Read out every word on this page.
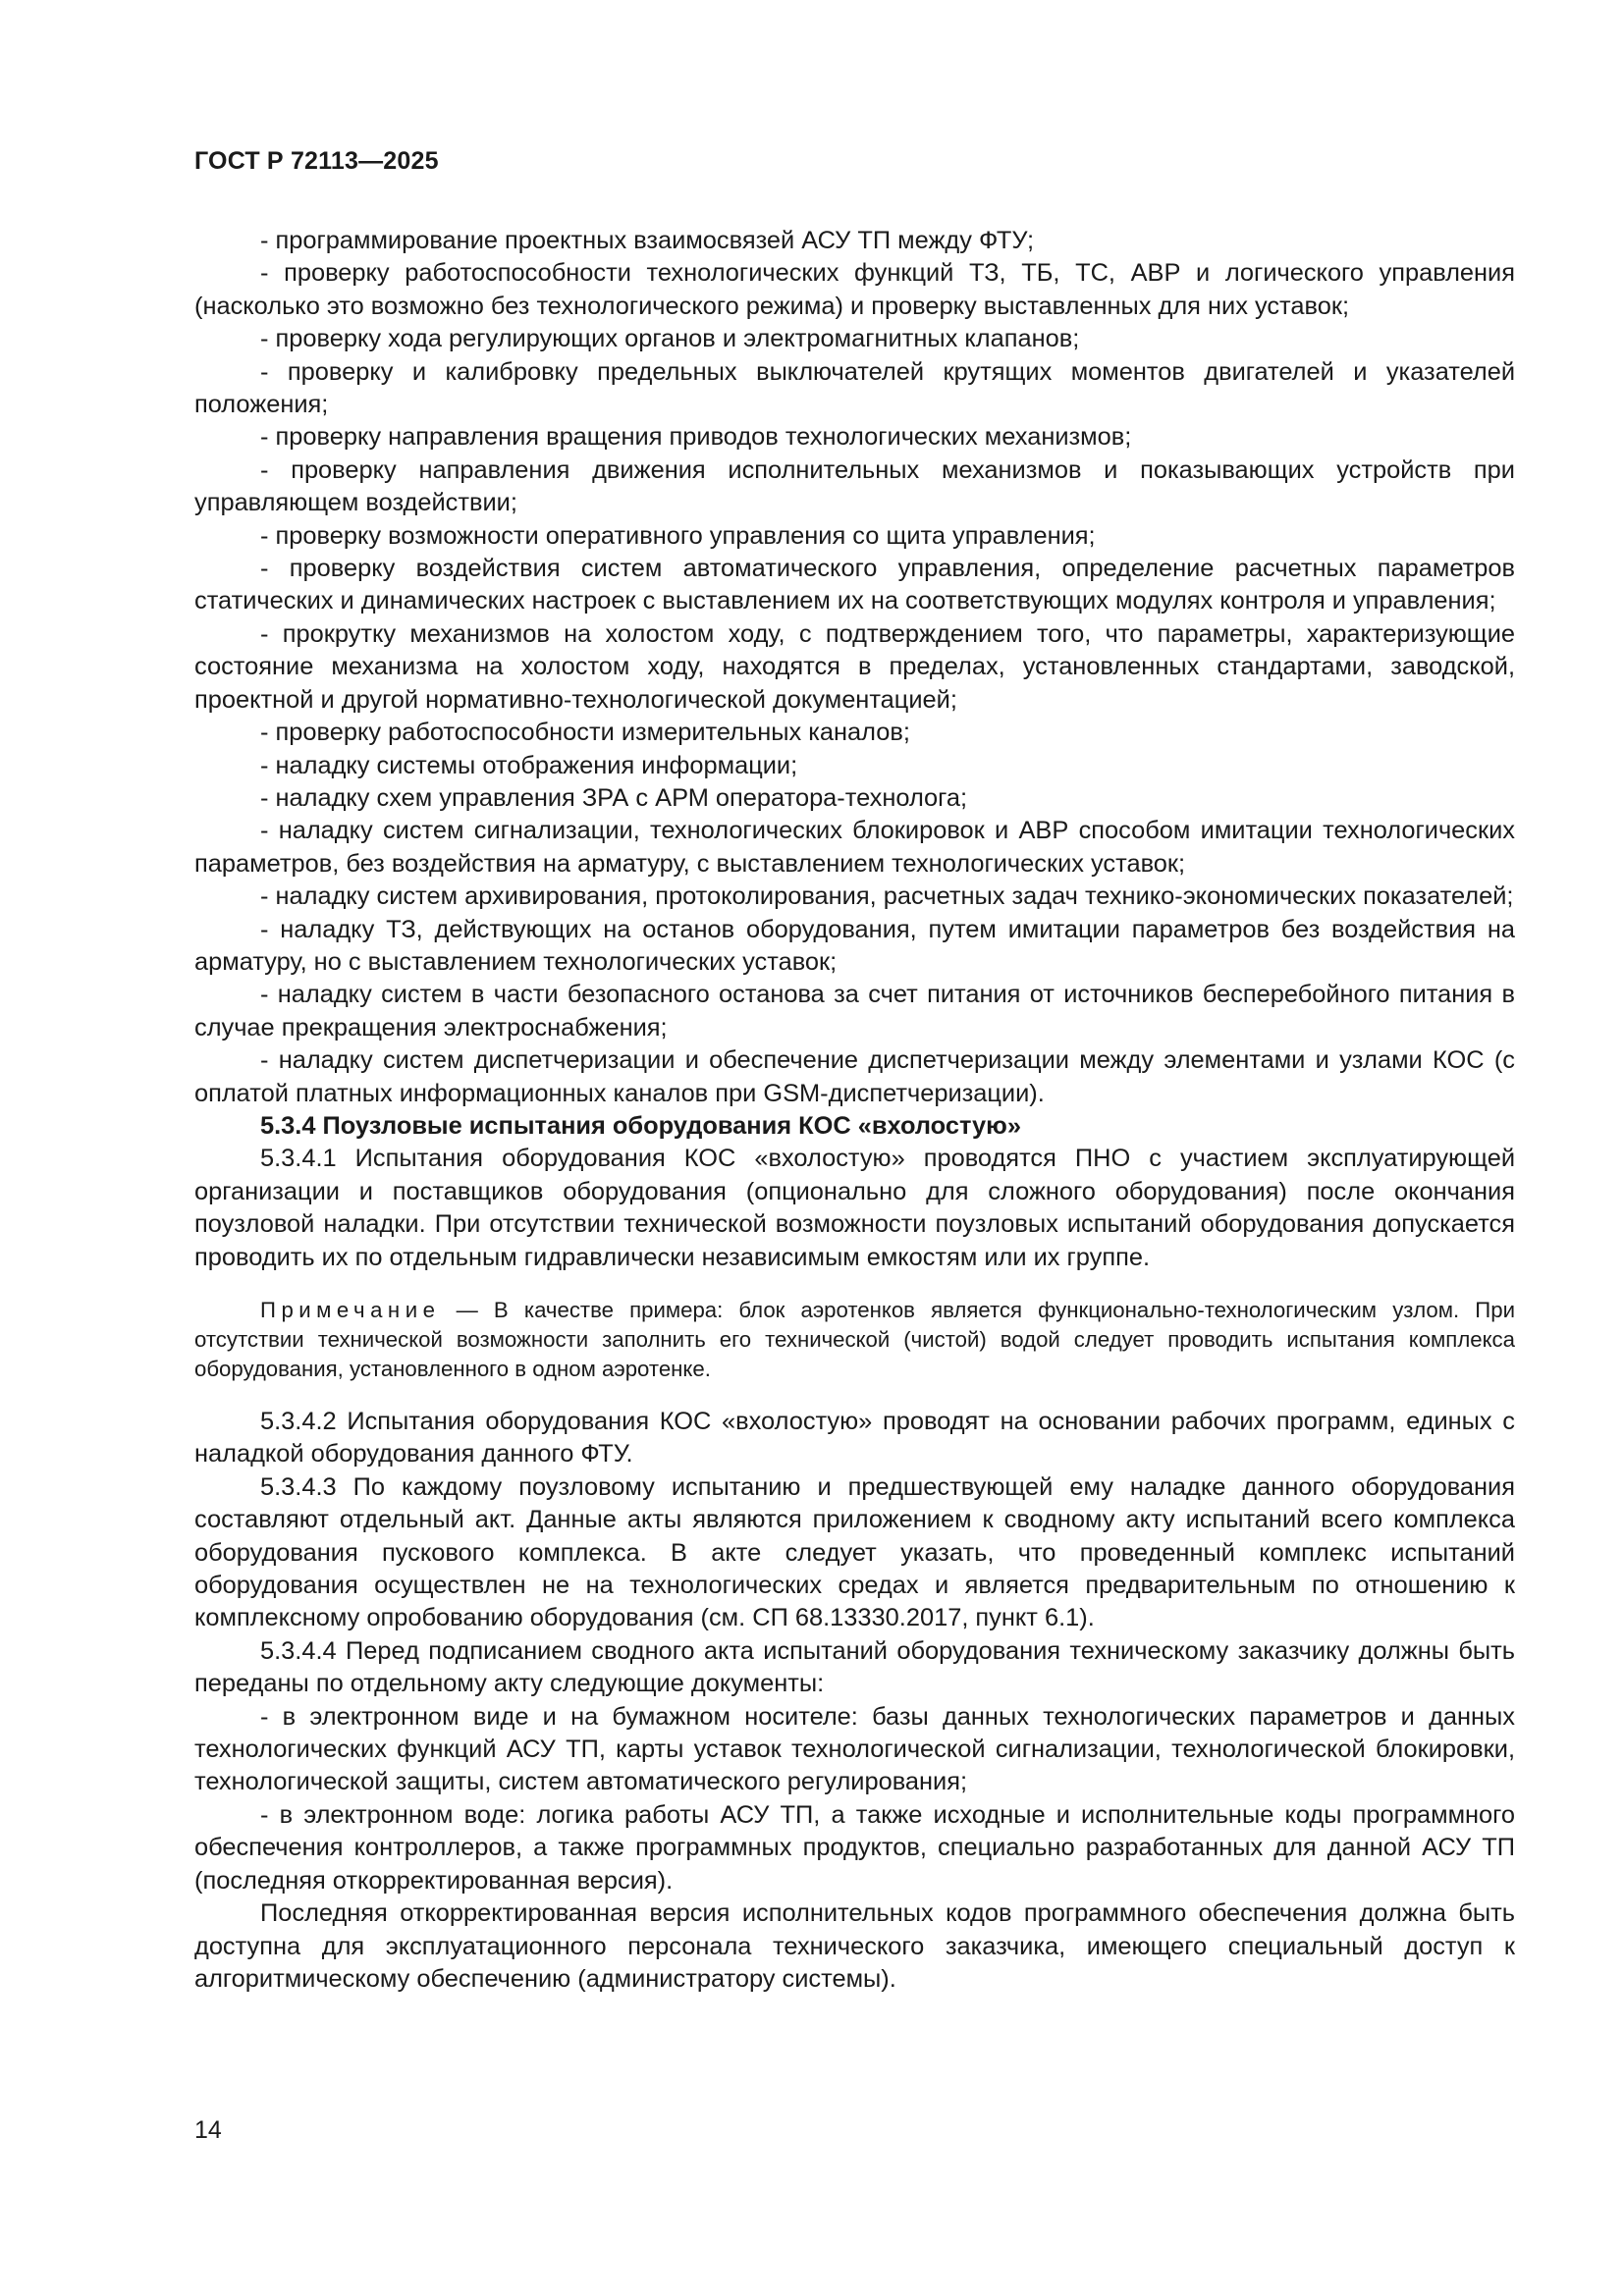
ГОСТ Р 72113—2025

- программирование проектных взаимосвязей АСУ ТП между ФТУ;

- проверку работоспособности технологических функций ТЗ, ТБ, ТС, АВР и логического управления (насколько это возможно без технологического режима) и проверку выставленных для них уставок;

- проверку хода регулирующих органов и электромагнитных клапанов;

- проверку и калибровку предельных выключателей крутящих моментов двигателей и указателей положения;

- проверку направления вращения приводов технологических механизмов;

- проверку направления движения исполнительных механизмов и показывающих устройств при управляющем воздействии;

- проверку возможности оперативного управления со щита управления;

- проверку воздействия систем автоматического управления, определение расчетных параметров статических и динамических настроек с выставлением их на соответствующих модулях контроля и управления;

- прокрутку механизмов на холостом ходу, с подтверждением того, что параметры, характеризующие состояние механизма на холостом ходу, находятся в пределах, установленных стандартами, заводской, проектной и другой нормативно-технологической документацией;

- проверку работоспособности измерительных каналов;

- наладку системы отображения информации;

- наладку схем управления ЗРА с АРМ оператора-технолога;

- наладку систем сигнализации, технологических блокировок и АВР способом имитации технологических параметров, без воздействия на арматуру, с выставлением технологических уставок;

- наладку систем архивирования, протоколирования, расчетных задач технико-экономических показателей;

- наладку ТЗ, действующих на останов оборудования, путем имитации параметров без воздействия на арматуру, но с выставлением технологических уставок;

- наладку систем в части безопасного останова за счет питания от источников бесперебойного питания в случае прекращения электроснабжения;

- наладку систем диспетчеризации и обеспечение диспетчеризации между элементами и узлами КОС (с оплатой платных информационных каналов при GSM-диспетчеризации).

5.3.4 Поузловые испытания оборудования КОС «вхолостую»

5.3.4.1 Испытания оборудования КОС «вхолостую» проводятся ПНО с участием эксплуатирующей организации и поставщиков оборудования (опционально для сложного оборудования) после окончания поузловой наладки. При отсутствии технической возможности поузловых испытаний оборудования допускается проводить их по отдельным гидравлически независимым емкостям или их группе.

Примечание — В качестве примера: блок аэротенков является функционально-технологическим узлом. При отсутствии технической возможности заполнить его технической (чистой) водой следует проводить испытания комплекса оборудования, установленного в одном аэротенке.

5.3.4.2 Испытания оборудования КОС «вхолостую» проводят на основании рабочих программ, единых с наладкой оборудования данного ФТУ.

5.3.4.3 По каждому поузловому испытанию и предшествующей ему наладке данного оборудования составляют отдельный акт. Данные акты являются приложением к сводному акту испытаний всего комплекса оборудования пускового комплекса. В акте следует указать, что проведенный комплекс испытаний оборудования осуществлен не на технологических средах и является предварительным по отношению к комплексному опробованию оборудования (см. СП 68.13330.2017, пункт 6.1).

5.3.4.4 Перед подписанием сводного акта испытаний оборудования техническому заказчику должны быть переданы по отдельному акту следующие документы:

- в электронном виде и на бумажном носителе: базы данных технологических параметров и данных технологических функций АСУ ТП, карты уставок технологической сигнализации, технологической блокировки, технологической защиты, систем автоматического регулирования;

- в электронном воде: логика работы АСУ ТП, а также исходные и исполнительные коды программного обеспечения контроллеров, а также программных продуктов, специально разработанных для данной АСУ ТП (последняя откорректированная версия).

Последняя откорректированная версия исполнительных кодов программного обеспечения должна быть доступна для эксплуатационного персонала технического заказчика, имеющего специальный доступ к алгоритмическому обеспечению (администратору системы).

14
